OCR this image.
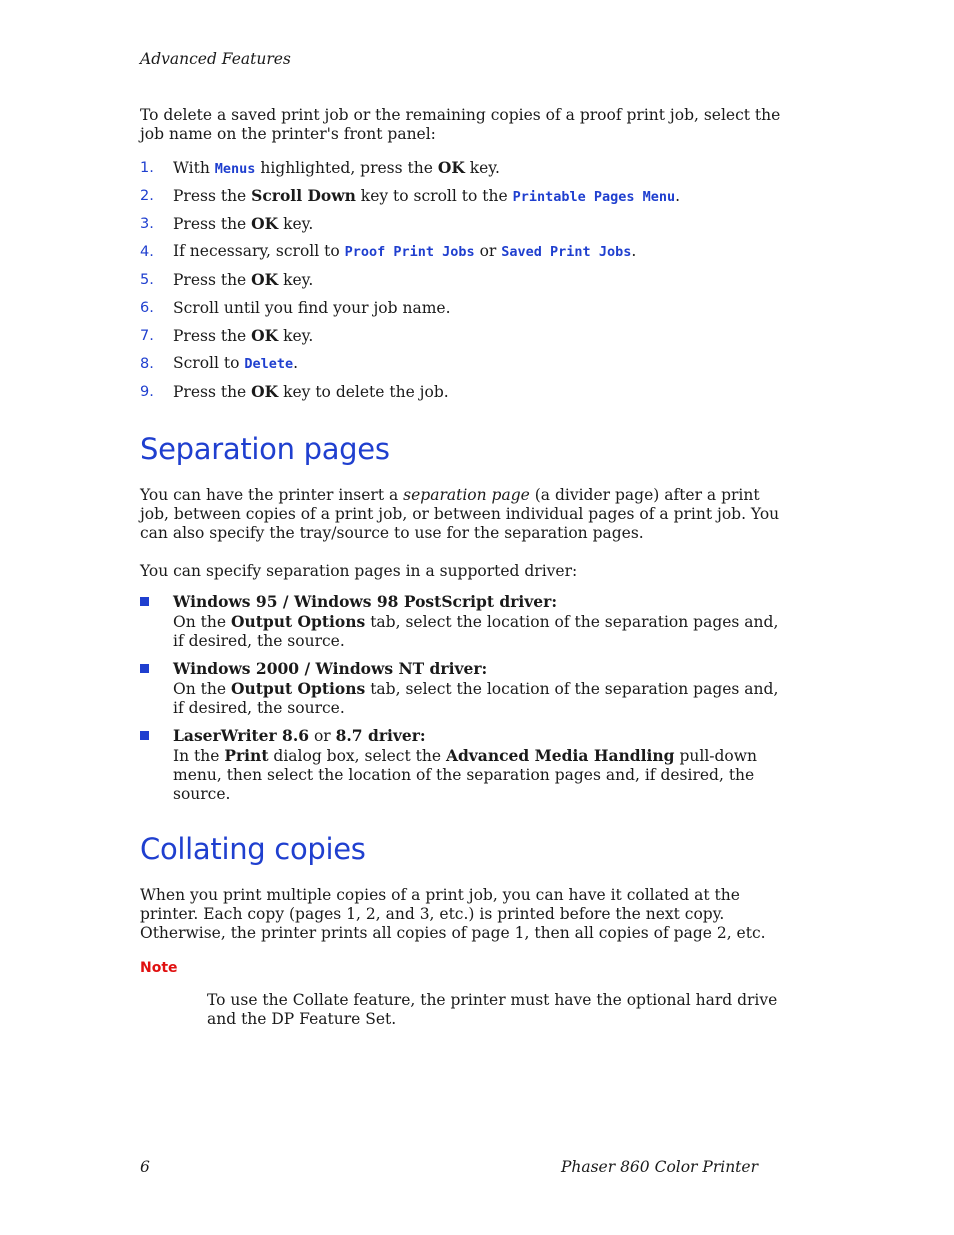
Advanced Features

To delete a saved print job or the remaining copies of a proof print job, select the job name on the printer's front panel:

1.	With Menus highlighted, press the OK key.
2.	Press the Scroll Down key to scroll to the Printable Pages Menu.
3.	Press the OK key.
4.	If necessary, scroll to Proof Print Jobs or Saved Print Jobs.
5.	Press the OK key.
6.	Scroll until you find your job name.
7.	Press the OK key.
8.	Scroll to Delete.
9.	Press the OK key to delete the job.
Separation pages

You can have the printer insert a separation page (a divider page) after a print job, between copies of a print job, or between individual pages of a print job. You can also specify the tray/source to use for the separation pages.

You can specify separation pages in a supported driver:

Windows 95 / Windows 98 PostScript driver:
On the Output Options tab, select the location of the separation pages and, if desired, the source.
Windows 2000 / Windows NT driver:
On the Output Options tab, select the location of the separation pages and, if desired, the source.
LaserWriter 8.6 or 8.7 driver:
In the Print dialog box, select the Advanced Media Handling pull-down menu, then select the location of the separation pages and, if desired, the source.
Collating copies

When you print multiple copies of a print job, you can have it collated at the printer. Each copy (pages 1, 2, and 3, etc.) is printed before the next copy. Otherwise, the printer prints all copies of page 1, then all copies of page 2, etc.

Note

To use the Collate feature, the printer must have the optional hard drive and the DP Feature Set.

6	Phaser 860 Color Printer
